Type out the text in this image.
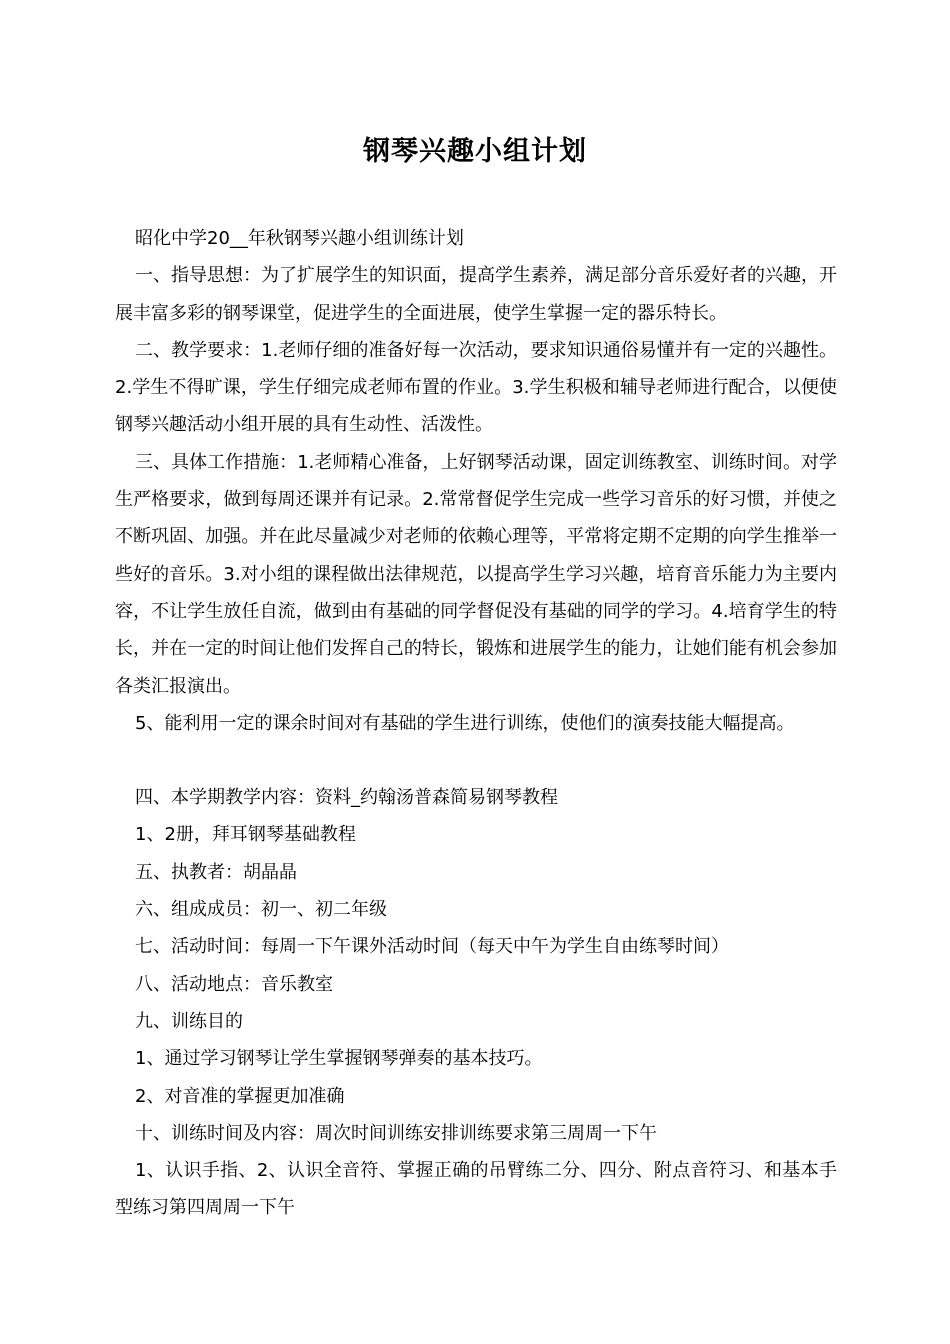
钢琴兴趣小组计划

昭化中学20__年秋钢琴兴趣小组训练计划

一、指导思想：为了扩展学生的知识面，提高学生素养，满足部分音乐爱好者的兴趣，开展丰富多彩的钢琴课堂，促进学生的全面进展，使学生掌握一定的器乐特长。

二、教学要求：1.老师仔细的准备好每一次活动，要求知识通俗易懂并有一定的兴趣性。2.学生不得旷课，学生仔细完成老师布置的作业。3.学生积极和辅导老师进行配合，以便使钢琴兴趣活动小组开展的具有生动性、活泼性。

三、具体工作措施：1.老师精心准备，上好钢琴活动课，固定训练教室、训练时间。对学生严格要求，做到每周还课并有记录。2.常常督促学生完成一些学习音乐的好习惯，并使之不断巩固、加强。并在此尽量减少对老师的依赖心理等，平常将定期不定期的向学生推举一些好的音乐。3.对小组的课程做出法律规范，以提高学生学习兴趣，培育音乐能力为主要内容，不让学生放任自流，做到由有基础的同学督促没有基础的同学的学习。4.培育学生的特长，并在一定的时间让他们发挥自己的特长，锻炼和进展学生的能力，让她们能有机会参加各类汇报演出。

5、能利用一定的课余时间对有基础的学生进行训练，使他们的演奏技能大幅提高。

四、本学期教学内容：资料_约翰汤普森简易钢琴教程

1、2册，拜耳钢琴基础教程

五、执教者：胡晶晶

六、组成成员：初一、初二年级

七、活动时间：每周一下午课外活动时间（每天中午为学生自由练琴时间）

八、活动地点：音乐教室

九、训练目的

1、通过学习钢琴让学生掌握钢琴弹奏的基本技巧。

2、对音准的掌握更加准确

十、训练时间及内容：周次时间训练安排训练要求第三周周一下午

1、认识手指、2、认识全音符、掌握正确的吊臂练二分、四分、附点音符习、和基本手型练习第四周周一下午
